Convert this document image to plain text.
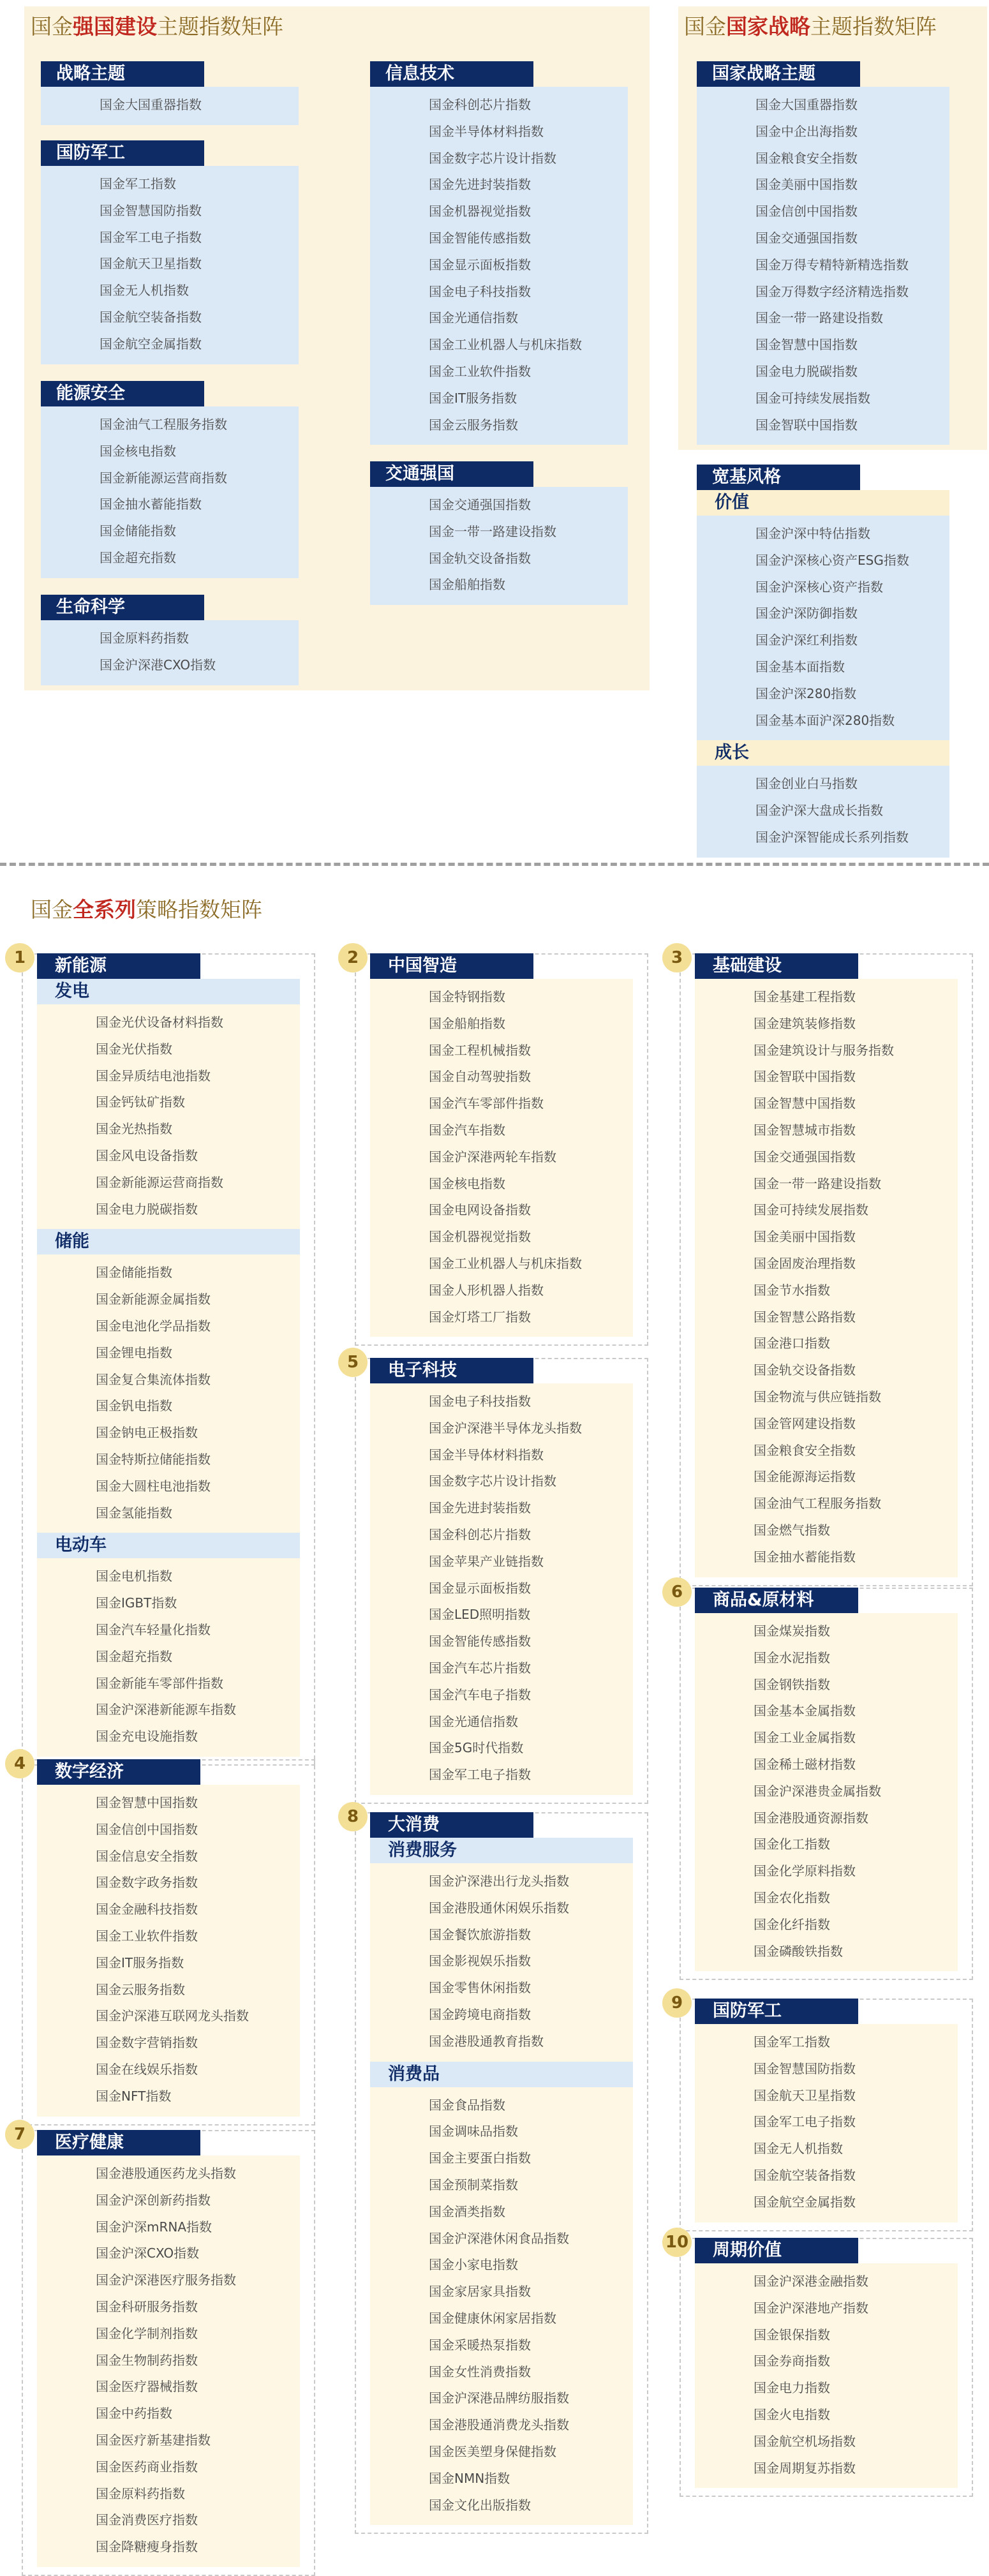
国金强国建设主题指数矩阵
战略主题
国金大国重器指数
国防军工
国金军工指数
国金智慧国防指数
国金军工电子指数
国金航天卫星指数
国金无人机指数
国金航空装备指数
国金航空金属指数
能源安全
国金油气工程服务指数
国金核电指数
国金新能源运营商指数
国金抽水蓄能指数
国金储能指数
国金超充指数
生命科学
国金原料药指数
国金沪深港CXO指数
信息技术
国金科创芯片指数
国金半导体材料指数
国金数字芯片设计指数
国金先进封装指数
国金机器视觉指数
国金智能传感指数
国金显示面板指数
国金电子科技指数
国金光通信指数
国金工业机器人与机床指数
国金工业软件指数
国金IT服务指数
国金云服务指数
交通强国
国金交通强国指数
国金一带一路建设指数
国金轨交设备指数
国金船舶指数
国金国家战略主题指数矩阵
国家战略主题
国金大国重器指数
国金中企出海指数
国金粮食安全指数
国金美丽中国指数
国金信创中国指数
国金交通强国指数
国金万得专精特新精选指数
国金万得数字经济精选指数
国金一带一路建设指数
国金智慧中国指数
国金电力脱碳指数
国金可持续发展指数
国金智联中国指数
宽基风格
价值
国金沪深中特估指数
国金沪深核心资产ESG指数
国金沪深核心资产指数
国金沪深防御指数
国金沪深红利指数
国金基本面指数
国金沪深280指数
国金基本面沪深280指数
成长
国金创业白马指数
国金沪深大盘成长指数
国金沪深智能成长系列指数
国金全系列策略指数矩阵
新能源
发电
国金光伏设备材料指数
国金光伏指数
国金异质结电池指数
国金钙钛矿指数
国金光热指数
国金风电设备指数
国金新能源运营商指数
国金电力脱碳指数
储能
国金储能指数
国金新能源金属指数
国金电池化学品指数
国金锂电指数
国金复合集流体指数
国金钒电指数
国金钠电正极指数
国金特斯拉储能指数
国金大圆柱电池指数
国金氢能指数
电动车
国金电机指数
国金IGBT指数
国金汽车轻量化指数
国金超充指数
国金新能车零部件指数
国金沪深港新能源车指数
国金充电设施指数
中国智造
国金特钢指数
国金船舶指数
国金工程机械指数
国金自动驾驶指数
国金汽车零部件指数
国金汽车指数
国金沪深港两轮车指数
国金核电指数
国金电网设备指数
国金机器视觉指数
国金工业机器人与机床指数
国金人形机器人指数
国金灯塔工厂指数
基础建设
国金基建工程指数
国金建筑装修指数
国金建筑设计与服务指数
国金智联中国指数
国金智慧中国指数
国金智慧城市指数
国金交通强国指数
国金一带一路建设指数
国金可持续发展指数
国金美丽中国指数
国金固废治理指数
国金节水指数
国金智慧公路指数
国金港口指数
国金轨交设备指数
国金物流与供应链指数
国金管网建设指数
国金粮食安全指数
国金能源海运指数
国金油气工程服务指数
国金燃气指数
国金抽水蓄能指数
数字经济
国金智慧中国指数
国金信创中国指数
国金信息安全指数
国金数字政务指数
国金金融科技指数
国金工业软件指数
国金IT服务指数
国金云服务指数
国金沪深港互联网龙头指数
国金数字营销指数
国金在线娱乐指数
国金NFT指数
电子科技
国金电子科技指数
国金沪深港半导体龙头指数
国金半导体材料指数
国金数字芯片设计指数
国金先进封装指数
国金科创芯片指数
国金苹果产业链指数
国金显示面板指数
国金LED照明指数
国金智能传感指数
国金汽车芯片指数
国金汽车电子指数
国金光通信指数
国金5G时代指数
国金军工电子指数
商品&原材料
国金煤炭指数
国金水泥指数
国金钢铁指数
国金基本金属指数
国金工业金属指数
国金稀土磁材指数
国金沪深港贵金属指数
国金港股通资源指数
国金化工指数
国金化学原料指数
国金农化指数
国金化纤指数
国金磷酸铁指数
医疗健康
国金港股通医药龙头指数
国金沪深创新药指数
国金沪深mRNA指数
国金沪深CXO指数
国金沪深港医疗服务指数
国金科研服务指数
国金化学制剂指数
国金生物制药指数
国金医疗器械指数
国金中药指数
国金医疗新基建指数
国金医药商业指数
国金原料药指数
国金消费医疗指数
国金降糖瘦身指数
大消费
消费服务
国金沪深港出行龙头指数
国金港股通休闲娱乐指数
国金餐饮旅游指数
国金影视娱乐指数
国金零售休闲指数
国金跨境电商指数
国金港股通教育指数
消费品
国金食品指数
国金调味品指数
国金主要蛋白指数
国金预制菜指数
国金酒类指数
国金沪深港休闲食品指数
国金小家电指数
国金家居家具指数
国金健康休闲家居指数
国金采暖热泵指数
国金女性消费指数
国金沪深港品牌纺服指数
国金港股通消费龙头指数
国金医美塑身保健指数
国金NMN指数
国金文化出版指数
国防军工
国金军工指数
国金智慧国防指数
国金航天卫星指数
国金军工电子指数
国金无人机指数
国金航空装备指数
国金航空金属指数
周期价值
国金沪深港金融指数
国金沪深港地产指数
国金银保指数
国金券商指数
国金电力指数
国金火电指数
国金航空机场指数
国金周期复苏指数
1	2	3
4
5
6
7
8
9
10
